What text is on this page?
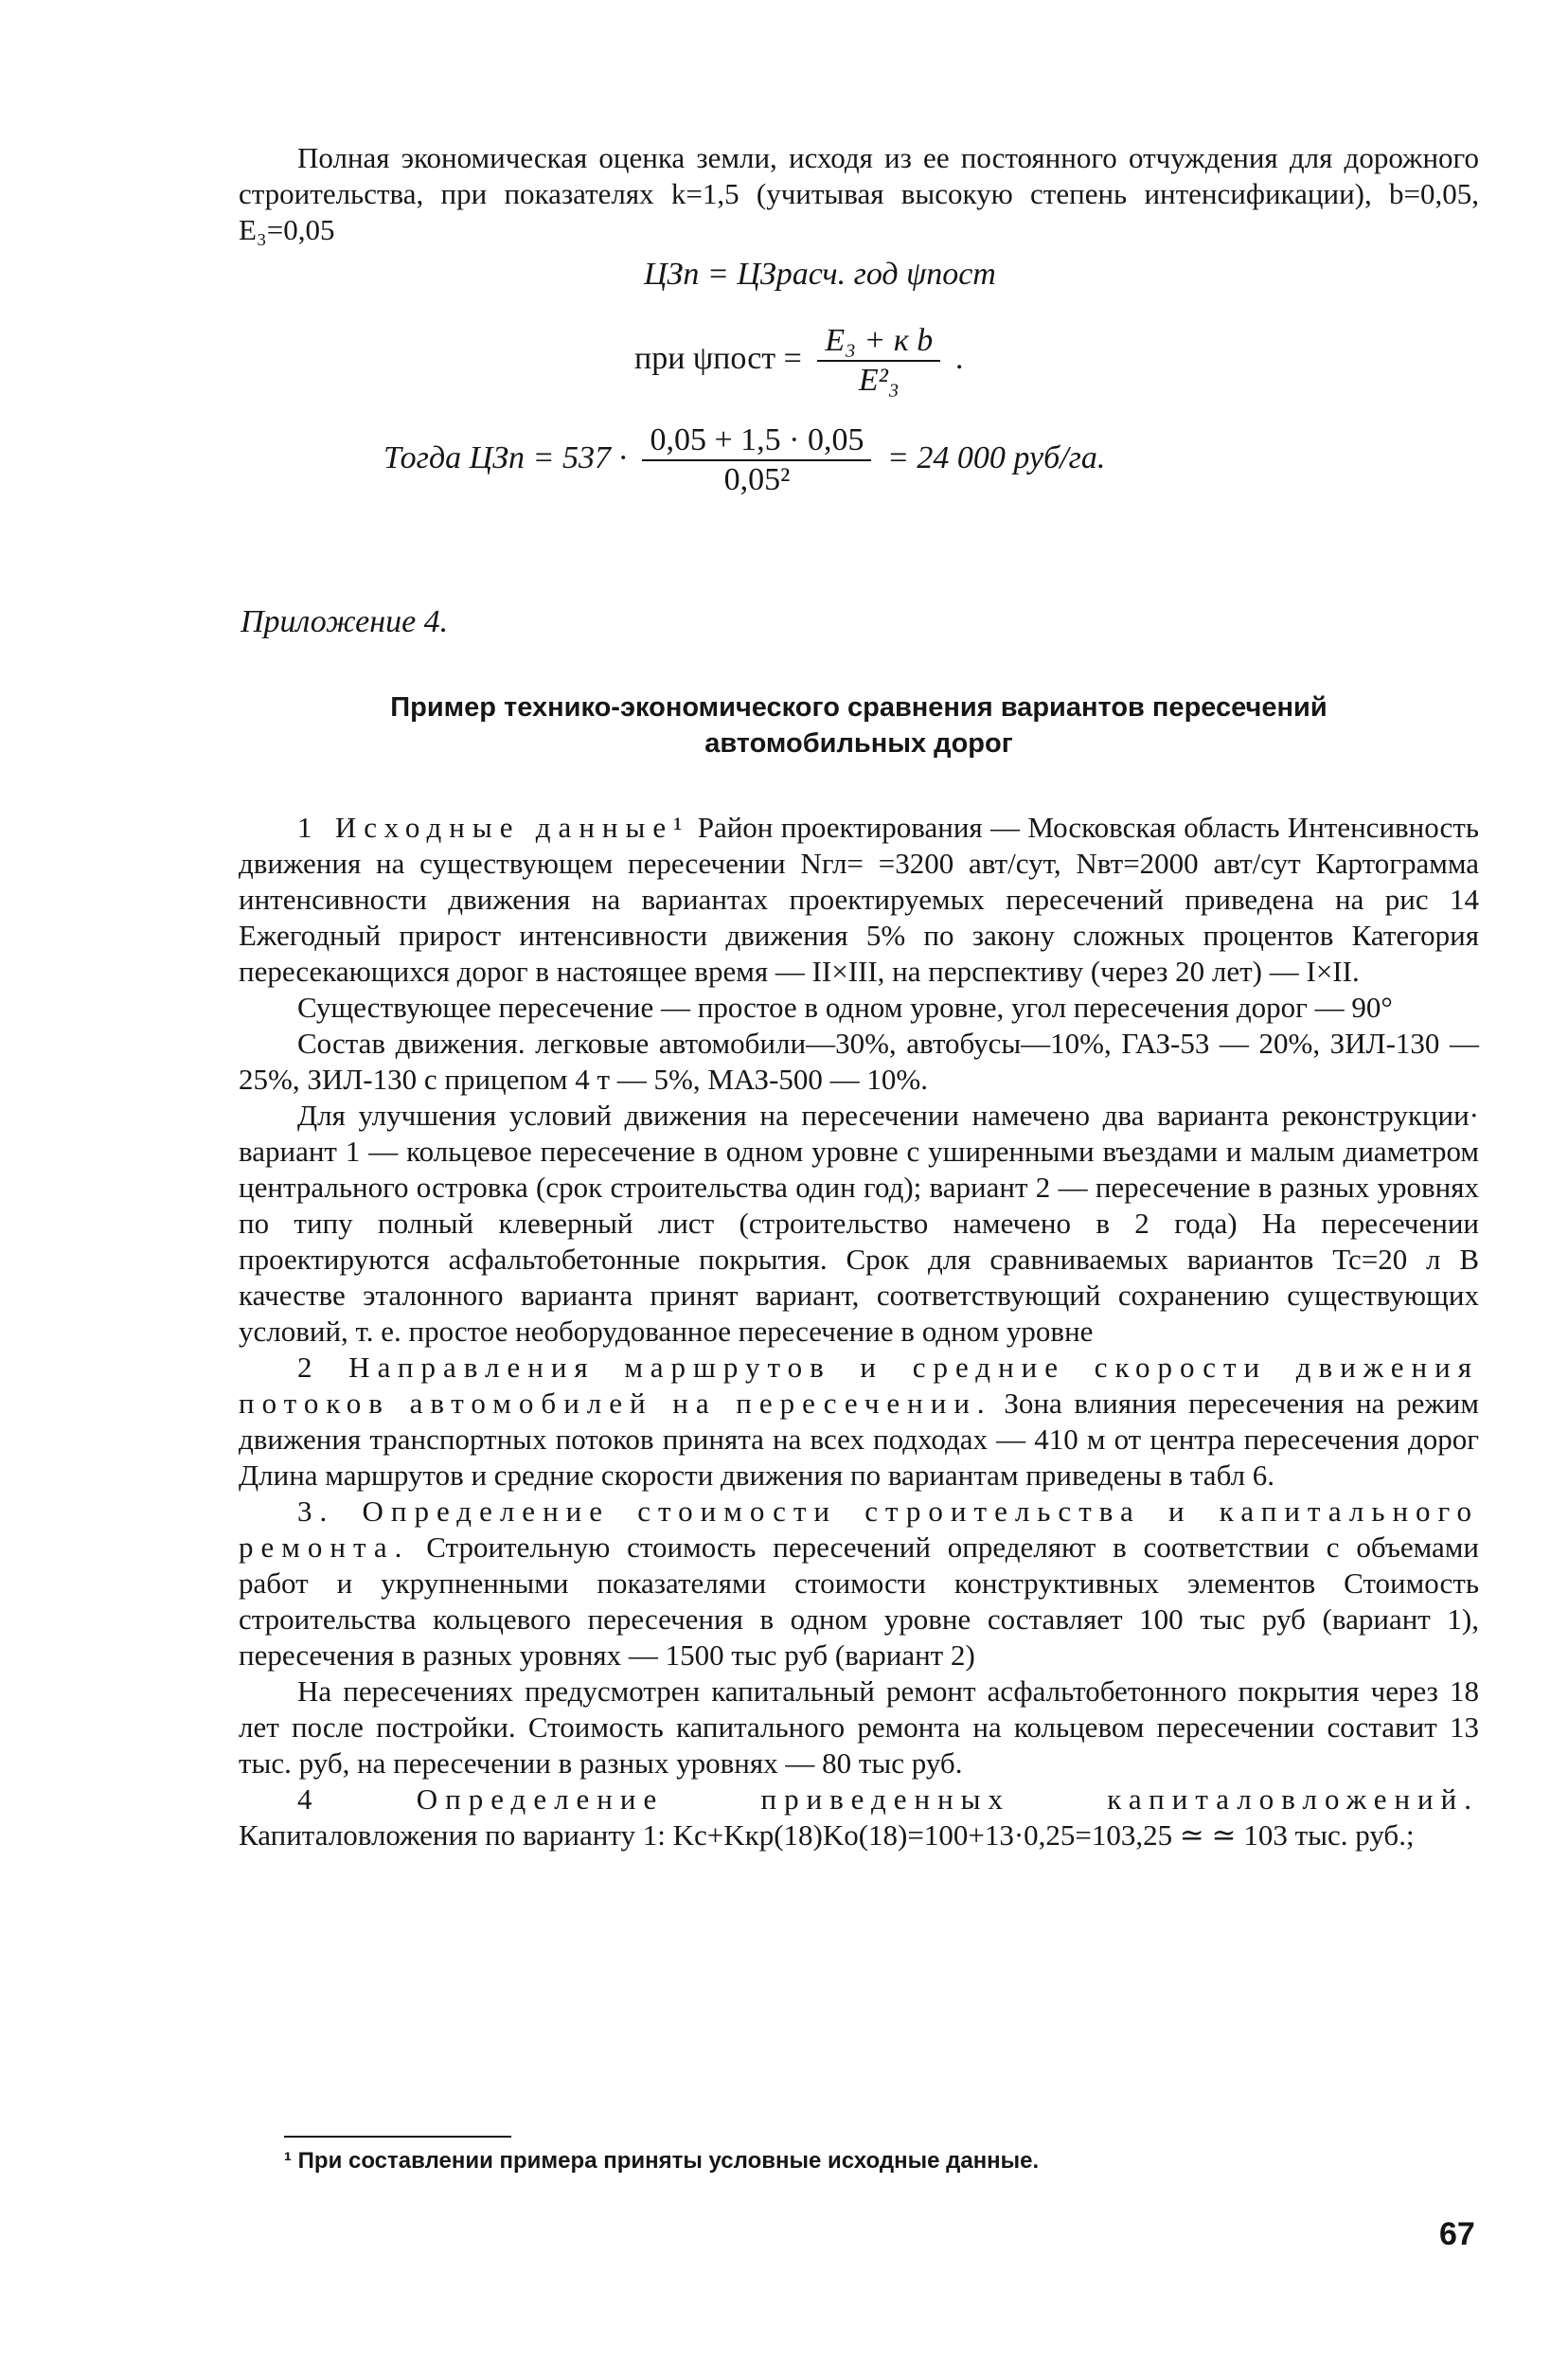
Полная экономическая оценка земли, исходя из ее постоянного отчуждения для дорожного строительства, при показателях k=1,5 (учитывая высокую степень интенсификации), b=0,05, E₃=0,05
ЦЗп = ЦЗрасч. год ψпост
при ψпост = $\frac{\text{E₃ + к b}}{\text{E²₃}}$ .
Тогда ЦЗп = $537 \cdot \frac{0,05 + 1,5 \cdot 0,05}{\text{0,05²}} = 24$ 000 руб/га.
Приложение 4.
Пример технико-экономического сравнения вариантов пересечений
автомобильных дорог
1 Исходные данные¹ Район проектирования — Московская область Интенсивность движения на существующем пересечении Nгл= =3200 авт/сут, Nвт=2000 авт/сут Картограмма интенсивности движения на вариантах проектируемых пересечений приведена на рис 14 Ежегодный прирост интенсивности движения 5% по закону сложных процентов Категория пересекающихся дорог в настоящее время — II×III, на перспективу (через 20 лет) — I×II.
Существующее пересечение — простое в одном уровне, угол пересечения дорог — 90°
Состав движения. легковые автомобили—30%, автобусы—10%, ГАЗ-53 — 20%, ЗИЛ-130 — 25%, ЗИЛ-130 с прицепом 4 т — 5%, МАЗ-500 — 10%.
Для улучшения условий движения на пересечении намечено два варианта реконструкции· вариант 1 — кольцевое пересечение в одном уровне с уширенными въездами и малым диаметром центрального островка (срок строительства один год); вариант 2 — пересечение в разных уровнях по типу полный клеверный лист (строительство намечено в 2 года) На пересечении проектируются асфальтобетонные покрытия. Срок для сравниваемых вариантов Tc=20 л В качестве эталонного варианта принят вариант, соответствующий сохранению существующих условий, т. е. простое необорудованное пересечение в одном уровне
2 Направления маршрутов и средние скорости движения потоков автомобилей на пересечении. Зона влияния пересечения на режим движения транспортных потоков принята на всех подходах — 410 м от центра пересечения дорог Длина маршрутов и средние скорости движения по вариантам приведены в табл 6.
3. Определение стоимости строительства и капитального ремонта. Строительную стоимость пересечений определяют в соответствии с объемами работ и укрупненными показателями стоимости конструктивных элементов Стоимость строительства кольцевого пересечения в одном уровне составляет 100 тыс руб (вариант 1), пересечения в разных уровнях — 1500 тыс руб (вариант 2)
На пересечениях предусмотрен капитальный ремонт асфальтобетонного покрытия через 18 лет после постройки. Стоимость капитального ремонта на кольцевом пересечении составит 13 тыс. руб, на пересечении в разных уровнях — 80 тыс руб.
4 Определение приведенных капиталовложений. Капиталовложения по варианту 1: Kc+Kкр(18)Ko(18)=100+13·0,25=103,25 ≃ ≃ 103 тыс. руб.;
¹ При составлении примера приняты условные исходные данные.
67
